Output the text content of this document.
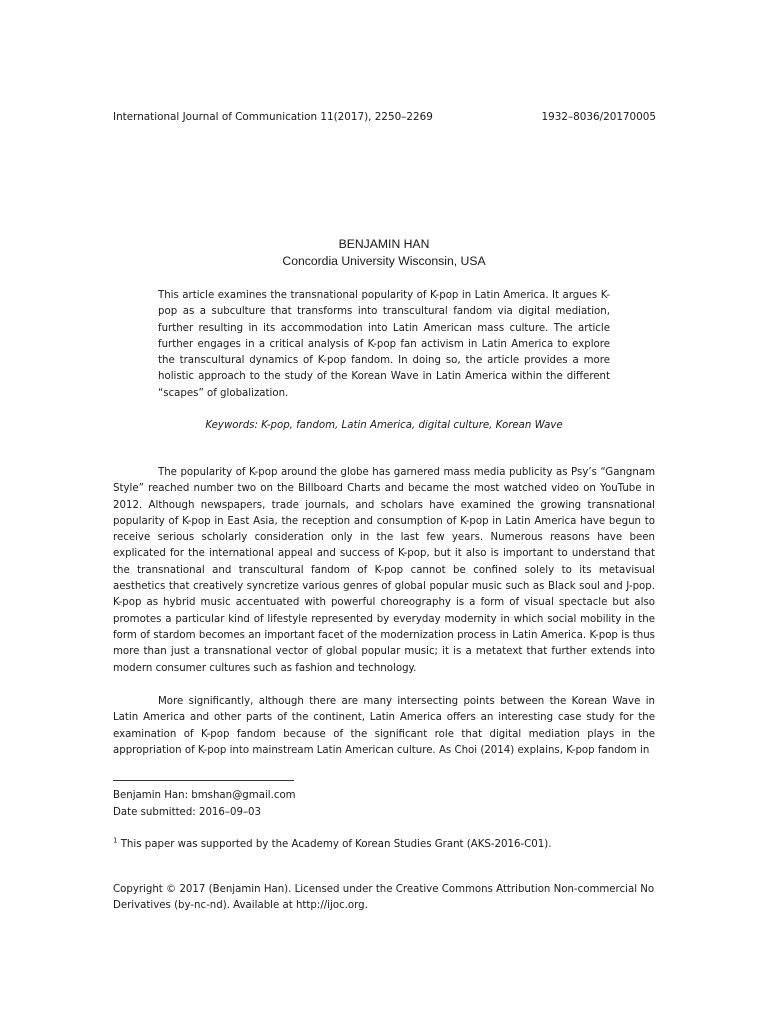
International Journal of Communication 11(2017), 2250–2269	1932–8036/20170005
BENJAMIN HAN
Concordia University Wisconsin, USA

This article examines the transnational popularity of K-pop in Latin America. It argues K-pop as a subculture that transforms into transcultural fandom via digital mediation, further resulting in its accommodation into Latin American mass culture. The article further engages in a critical analysis of K-pop fan activism in Latin America to explore the transcultural dynamics of K-pop fandom. In doing so, the article provides a more holistic approach to the study of the Korean Wave in Latin America within the different “scapes” of globalization.

Keywords: K-pop, fandom, Latin America, digital culture, Korean Wave

The popularity of K-pop around the globe has garnered mass media publicity as Psy’s “Gangnam Style” reached number two on the Billboard Charts and became the most watched video on YouTube in 2012. Although newspapers, trade journals, and scholars have examined the growing transnational popularity of K-pop in East Asia, the reception and consumption of K-pop in Latin America have begun to receive serious scholarly consideration only in the last few years. Numerous reasons have been explicated for the international appeal and success of K-pop, but it also is important to understand that the transnational and transcultural fandom of K-pop cannot be confined solely to its metavisual aesthetics that creatively syncretize various genres of global popular music such as Black soul and J-pop. K-pop as hybrid music accentuated with powerful choreography is a form of visual spectacle but also promotes a particular kind of lifestyle represented by everyday modernity in which social mobility in the form of stardom becomes an important facet of the modernization process in Latin America. K-pop is thus more than just a transnational vector of global popular music; it is a metatext that further extends into modern consumer cultures such as fashion and technology.

More significantly, although there are many intersecting points between the Korean Wave in Latin America and other parts of the continent, Latin America offers an interesting case study for the examination of K-pop fandom because of the significant role that digital mediation plays in the appropriation of K-pop into mainstream Latin American culture. As Choi (2014) explains, K-pop fandom in

Benjamin Han: bmshan@gmail.com

Date submitted: 2016–09–03

$^1$ This paper was supported by the Academy of Korean Studies Grant (AKS-2016-C01).

Copyright © 2017 (Benjamin Han). Licensed under the Creative Commons Attribution Non-commercial No Derivatives (by-nc-nd). Available at http://ijoc.org.
